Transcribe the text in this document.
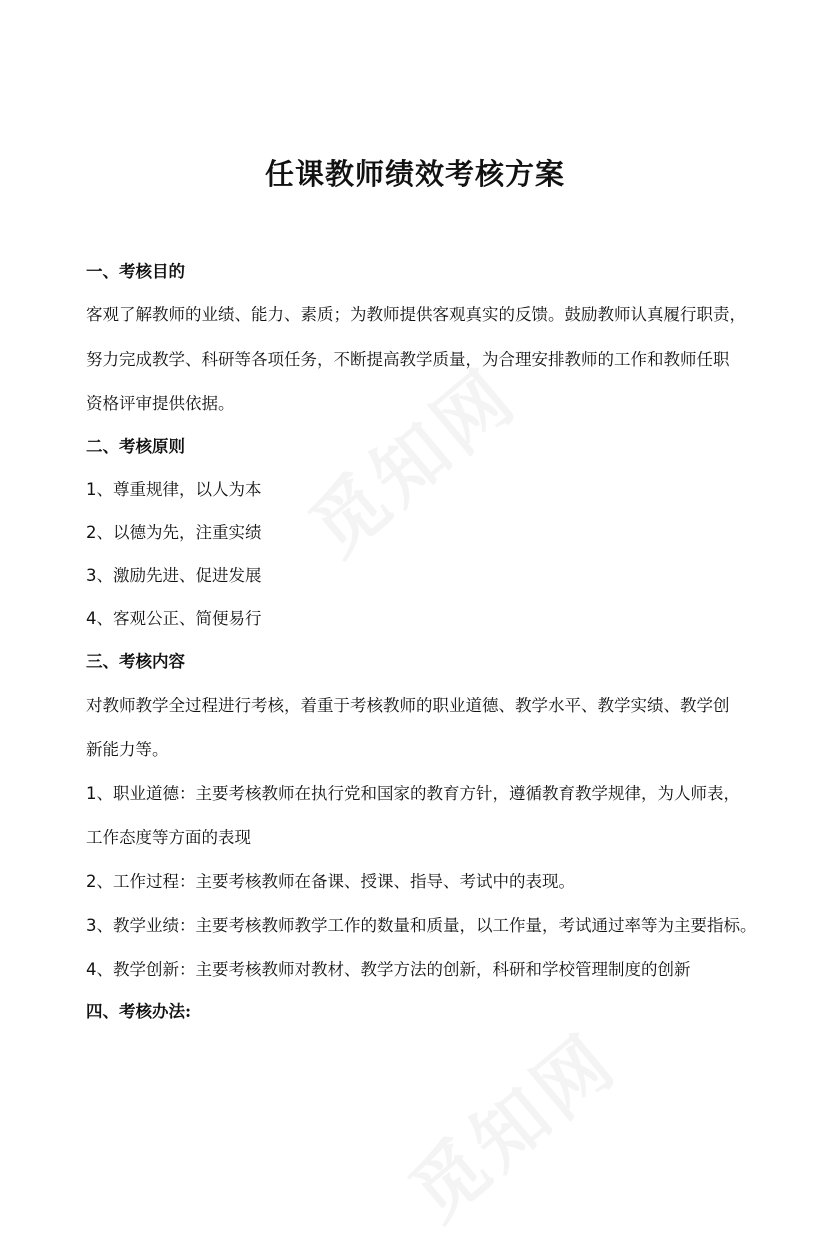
任课教师绩效考核方案
一、考核目的
客观了解教师的业绩、能力、素质；为教师提供客观真实的反馈。鼓励教师认真履行职责，
努力完成教学、科研等各项任务，不断提高教学质量，为合理安排教师的工作和教师任职
资格评审提供依据。
二、考核原则
1、尊重规律，以人为本
2、以德为先，注重实绩
3、激励先进、促进发展
4、客观公正、简便易行
三、考核内容
对教师教学全过程进行考核，着重于考核教师的职业道德、教学水平、教学实绩、教学创
新能力等。
1、职业道德：主要考核教师在执行党和国家的教育方针，遵循教育教学规律，为人师表，
工作态度等方面的表现
2、工作过程：主要考核教师在备课、授课、指导、考试中的表现。
3、教学业绩：主要考核教师教学工作的数量和质量，以工作量，考试通过率等为主要指标。
4、教学创新：主要考核教师对教材、教学方法的创新，科研和学校管理制度的创新
四、考核办法:
